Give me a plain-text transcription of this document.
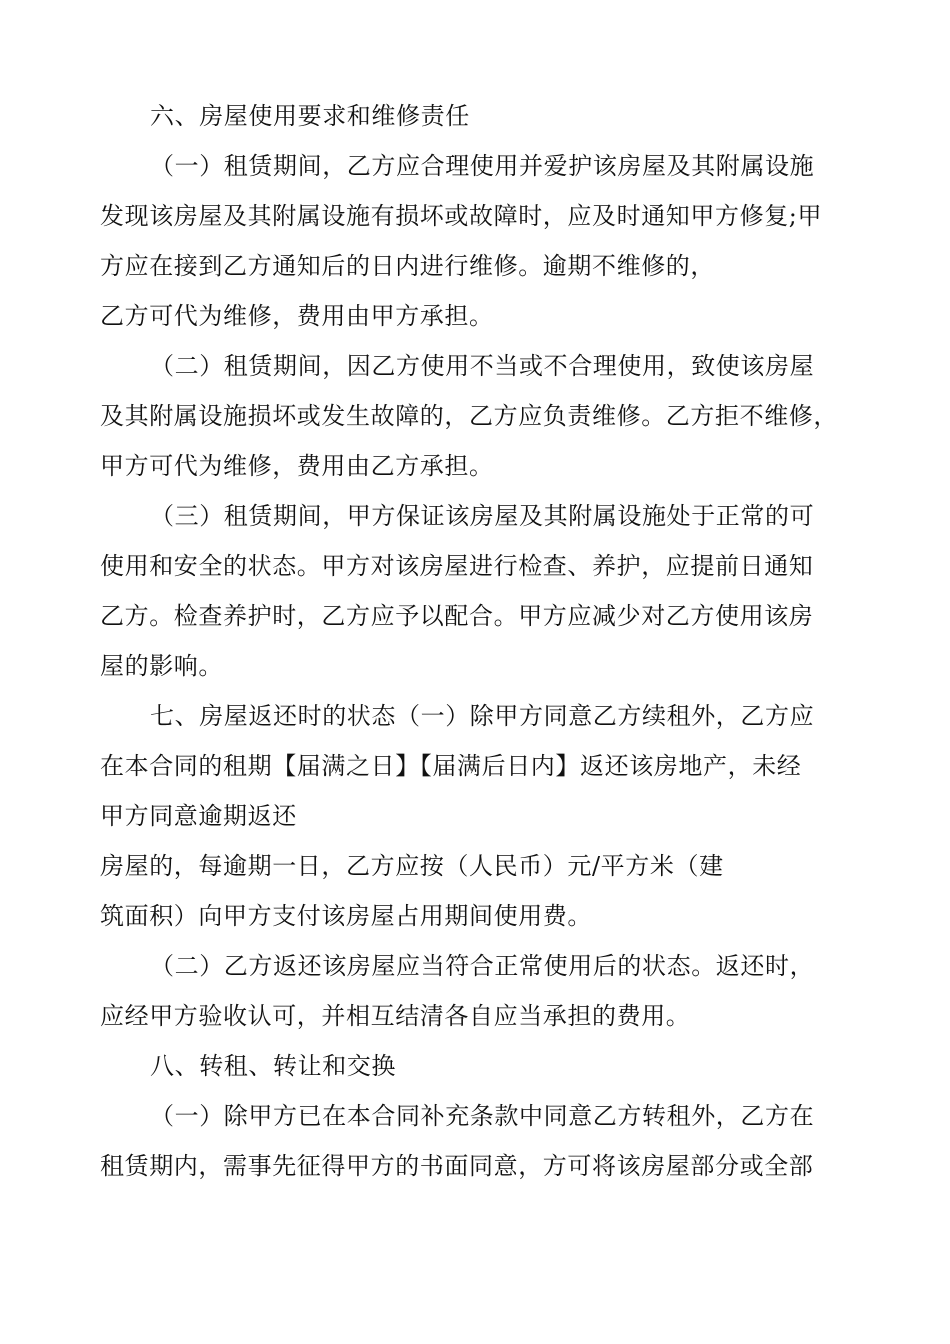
六、房屋使用要求和维修责任
（一）租赁期间，乙方应合理使用并爱护该房屋及其附属设施
发现该房屋及其附属设施有损坏或故障时，应及时通知甲方修复;甲
方应在接到乙方通知后的日内进行维修。逾期不维修的，
乙方可代为维修，费用由甲方承担。
（二）租赁期间，因乙方使用不当或不合理使用，致使该房屋
及其附属设施损坏或发生故障的，乙方应负责维修。乙方拒不维修，
甲方可代为维修，费用由乙方承担。
（三）租赁期间，甲方保证该房屋及其附属设施处于正常的可
使用和安全的状态。甲方对该房屋进行检查、养护，应提前日通知
乙方。检查养护时，乙方应予以配合。甲方应减少对乙方使用该房
屋的影响。
七、房屋返还时的状态（一）除甲方同意乙方续租外，乙方应
在本合同的租期【届满之日】【届满后日内】返还该房地产，未经
甲方同意逾期返还
房屋的，每逾期一日，乙方应按（人民币）元/平方米（建
筑面积）向甲方支付该房屋占用期间使用费。
（二）乙方返还该房屋应当符合正常使用后的状态。返还时，
应经甲方验收认可，并相互结清各自应当承担的费用。
八、转租、转让和交换
（一）除甲方已在本合同补充条款中同意乙方转租外，乙方在
租赁期内，需事先征得甲方的书面同意，方可将该房屋部分或全部
